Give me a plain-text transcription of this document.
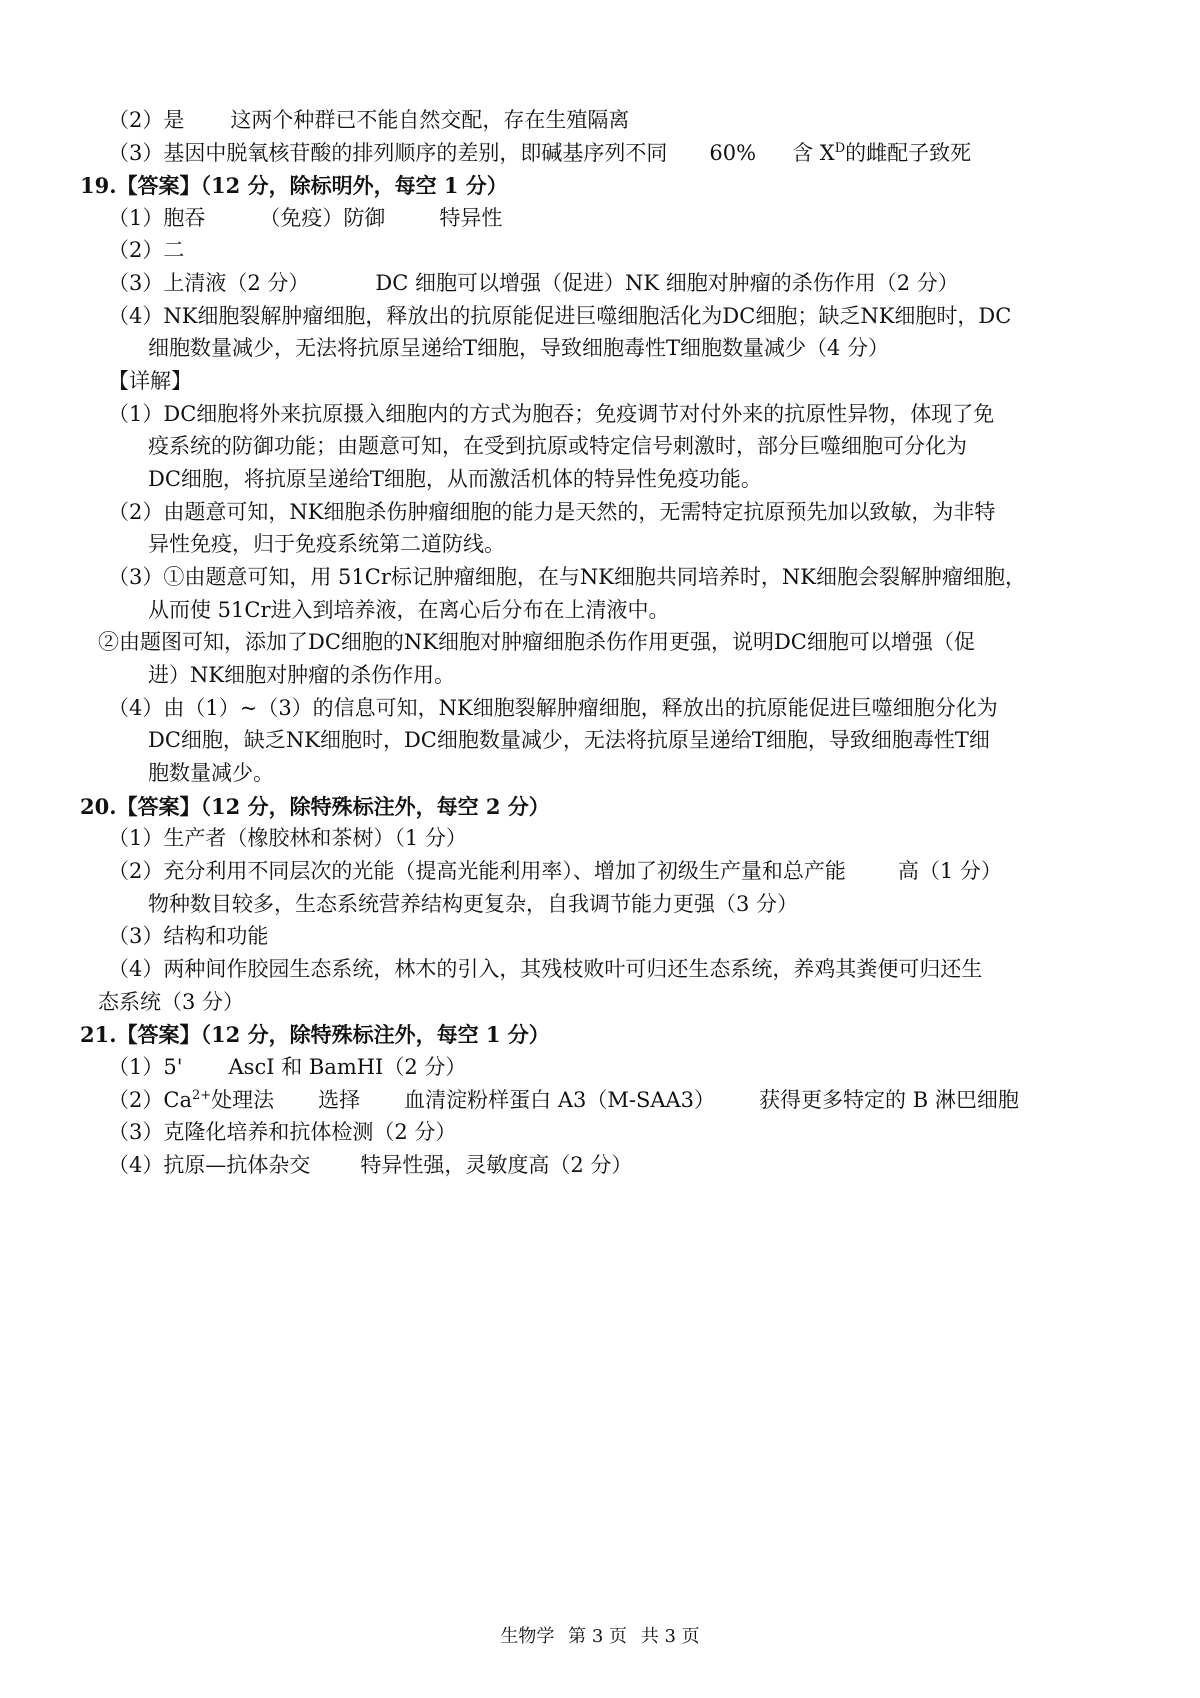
（2）是 这两个种群已不能自然交配，存在生殖隔离
（3）基因中脱氧核苷酸的排列顺序的差别，即碱基序列不同 60% 含 $X^D$的雌配子致死
19.【答案】（12 分，除标明外，每空 1 分）
（1）胞吞	（免疫）防御	特异性
（2）二
（3）上清液（2 分）	DC 细胞可以增强（促进）NK 细胞对肿瘤的杀伤作用（2 分）
（4）NK细胞裂解肿瘤细胞，释放出的抗原能促进巨噬细胞活化为DC细胞；缺乏NK细胞时，DC
细胞数量减少，无法将抗原呈递给T细胞，导致细胞毒性T细胞数量减少（4 分）
【详解】
（1）DC细胞将外来抗原摄入细胞内的方式为胞吞；免疫调节对付外来的抗原性异物，体现了免
疫系统的防御功能；由题意可知，在受到抗原或特定信号刺激时，部分巨噬细胞可分化为
DC细胞，将抗原呈递给T细胞，从而激活机体的特异性免疫功能。
（2）由题意可知，NK细胞杀伤肿瘤细胞的能力是天然的，无需特定抗原预先加以致敏，为非特
异性免疫，归于免疫系统第二道防线。
（3）①由题意可知，用 51Cr标记肿瘤细胞，在与NK细胞共同培养时，NK细胞会裂解肿瘤细胞，
从而使 51Cr进入到培养液，在离心后分布在上清液中。
②由题图可知，添加了DC细胞的NK细胞对肿瘤细胞杀伤作用更强，说明DC细胞可以增强（促
进）NK细胞对肿瘤的杀伤作用。
（4）由（1）~（3）的信息可知，NK细胞裂解肿瘤细胞，释放出的抗原能促进巨噬细胞分化为
DC细胞，缺乏NK细胞时，DC细胞数量减少，无法将抗原呈递给T细胞，导致细胞毒性T细
胞数量减少。
20.【答案】（12 分，除特殊标注外，每空 2 分）
（1）生产者（橡胶林和茶树）（1 分）
（2）充分利用不同层次的光能（提高光能利用率）、增加了初级生产量和总产能 高（1 分）
物种数目较多，生态系统营养结构更复杂，自我调节能力更强（3 分）
（3）结构和功能
（4）两种间作胶园生态系统，林木的引入，其残枝败叶可归还生态系统，养鸡其粪便可归还生
态系统（3 分）
21.【答案】（12 分，除特殊标注外，每空 1 分）
（1）5' AscI 和 BamHI（2 分）
$(2)Ca^{2+}$处理法 选择 血清淀粉样蛋白 A3（M-SAA3） 获得更多特定的 B 淋巴细胞
（3）克隆化培养和抗体检测（2 分）
（4）抗原—抗体杂交 特异性强，灵敏度高（2 分）
生物学 第 3 页 共 3 页
